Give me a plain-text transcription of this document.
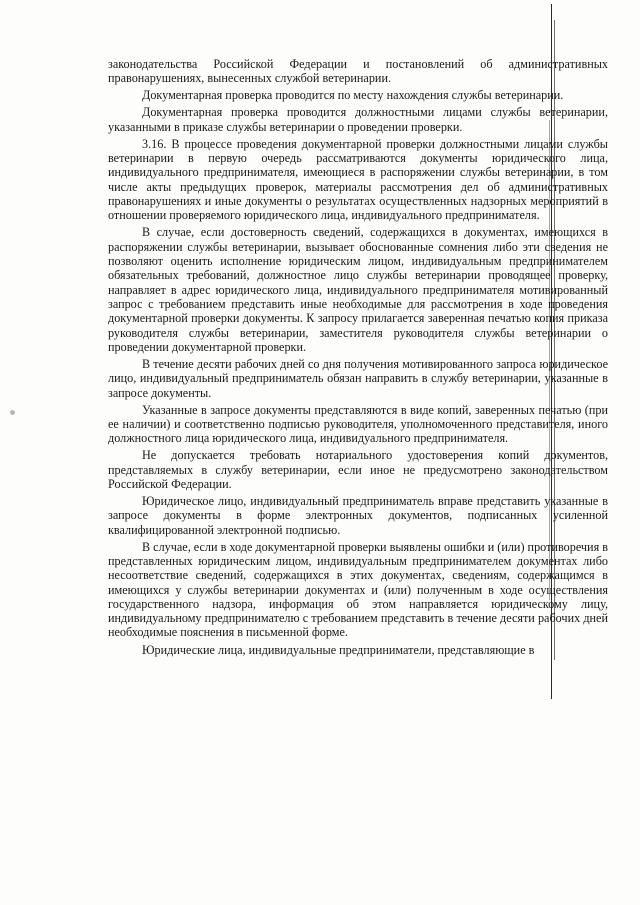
законодательства Российской Федерации и постановлений об административных правонарушениях, вынесенных службой ветеринарии.

Документарная проверка проводится по месту нахождения службы ветеринарии.

Документарная проверка проводится должностными лицами службы ветеринарии, указанными в приказе службы ветеринарии о проведении проверки.

3.16. В процессе проведения документарной проверки должностными лицами службы ветеринарии в первую очередь рассматриваются документы юридического лица, индивидуального предпринимателя, имеющиеся в распоряжении службы ветеринарии, в том числе акты предыдущих проверок, материалы рассмотрения дел об административных правонарушениях и иные документы о результатах осуществленных надзорных мероприятий в отношении проверяемого юридического лица, индивидуального предпринимателя.

В случае, если достоверность сведений, содержащихся в документах, имеющихся в распоряжении службы ветеринарии, вызывает обоснованные сомнения либо эти сведения не позволяют оценить исполнение юридическим лицом, индивидуальным предпринимателем обязательных требований, должностное лицо службы ветеринарии проводящее проверку, направляет в адрес юридического лица, индивидуального предпринимателя мотивированный запрос с требованием представить иные необходимые для рассмотрения в ходе проведения документарной проверки документы. К запросу прилагается заверенная печатью копия приказа руководителя службы ветеринарии, заместителя руководителя службы ветеринарии о проведении документарной проверки.

В течение десяти рабочих дней со дня получения мотивированного запроса юридическое лицо, индивидуальный предприниматель обязан направить в службу ветеринарии, указанные в запросе документы.

Указанные в запросе документы представляются в виде копий, заверенных печатью (при ее наличии) и соответственно подписью руководителя, уполномоченного представителя, иного должностного лица юридического лица, индивидуального предпринимателя.

Не допускается требовать нотариального удостоверения копий документов, представляемых в службу ветеринарии, если иное не предусмотрено законодательством Российской Федерации.

Юридическое лицо, индивидуальный предприниматель вправе представить указанные в запросе документы в форме электронных документов, подписанных усиленной квалифицированной электронной подписью.

В случае, если в ходе документарной проверки выявлены ошибки и (или) противоречия в представленных юридическим лицом, индивидуальным предпринимателем документах либо несоответствие сведений, содержащихся в этих документах, сведениям, содержащимся в имеющихся у службы ветеринарии документах и (или) полученным в ходе осуществления государственного надзора, информация об этом направляется юридическому лицу, индивидуальному предпринимателю с требованием представить в течение десяти рабочих дней необходимые пояснения в письменной форме.

Юридические лица, индивидуальные предприниматели, представляющие в
